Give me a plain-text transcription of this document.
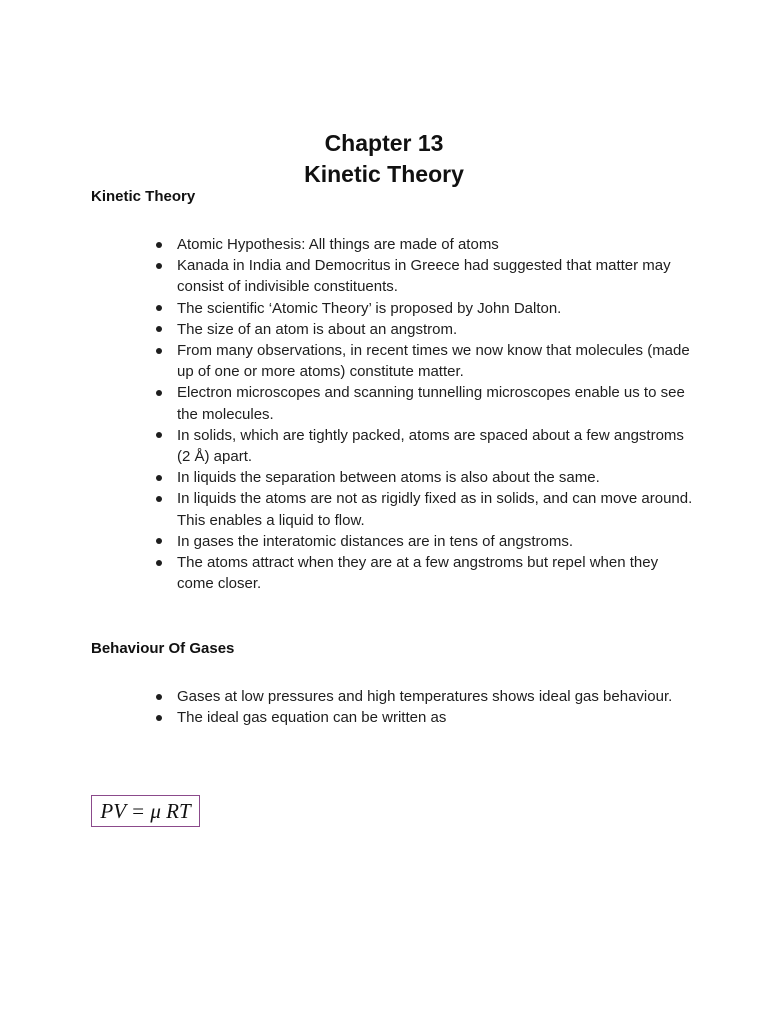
Chapter 13
Kinetic Theory
Kinetic Theory
Atomic Hypothesis: All things are made of atoms
Kanada in India and Democritus in Greece had suggested that matter may consist of indivisible constituents.
The scientific ‘Atomic Theory’ is proposed by John Dalton.
The size of an atom is about an angstrom.
From many observations, in recent times we now know that molecules (made up of one or more atoms) constitute matter.
Electron microscopes and scanning tunnelling microscopes enable us to see the molecules.
In solids, which are tightly packed, atoms are spaced about a few angstroms (2 Å) apart.
In liquids the separation between atoms is also about the same.
In liquids the atoms are not as rigidly fixed as in solids, and can move around. This enables a liquid to flow.
In gases the interatomic distances are in tens of angstroms.
The atoms attract when they are at a few angstroms but repel when they come closer.
Behaviour Of Gases
Gases at low pressures and high temperatures shows ideal gas behaviour.
The ideal gas equation can be written as
PV = μ RT
